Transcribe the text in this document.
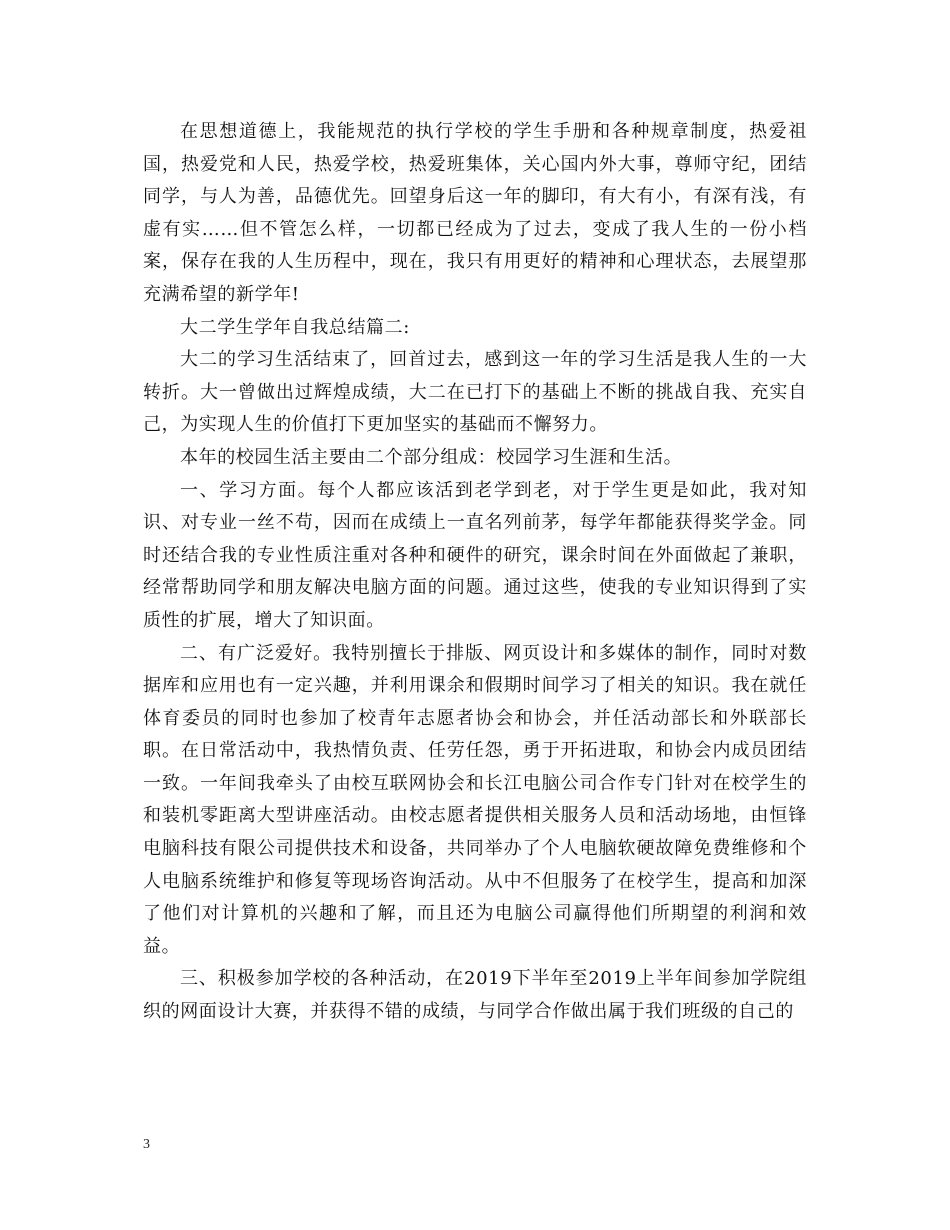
在思想道德上，我能规范的执行学校的学生手册和各种规章制度，热爱祖国，热爱党和人民，热爱学校，热爱班集体，关心国内外大事，尊师守纪，团结同学，与人为善，品德优先。回望身后这一年的脚印，有大有小，有深有浅，有虚有实……但不管怎么样，一切都已经成为了过去，变成了我人生的一份小档案，保存在我的人生历程中，现在，我只有用更好的精神和心理状态，去展望那充满希望的新学年!

大二学生学年自我总结篇二:

大二的学习生活结束了，回首过去，感到这一年的学习生活是我人生的一大转折。大一曾做出过辉煌成绩，大二在已打下的基础上不断的挑战自我、充实自己，为实现人生的价值打下更加坚实的基础而不懈努力。

本年的校园生活主要由二个部分组成：校园学习生涯和生活。

一、学习方面。每个人都应该活到老学到老，对于学生更是如此，我对知识、对专业一丝不苟，因而在成绩上一直名列前茅，每学年都能获得奖学金。同时还结合我的专业性质注重对各种和硬件的研究，课余时间在外面做起了兼职，经常帮助同学和朋友解决电脑方面的问题。通过这些，使我的专业知识得到了实质性的扩展，增大了知识面。

二、有广泛爱好。我特别擅长于排版、网页设计和多媒体的制作，同时对数据库和应用也有一定兴趣，并利用课余和假期时间学习了相关的知识。我在就任体育委员的同时也参加了校青年志愿者协会和协会，并任活动部长和外联部长职。在日常活动中，我热情负责、任劳任怨，勇于开拓进取，和协会内成员团结一致。一年间我牵头了由校互联网协会和长江电脑公司合作专门针对在校学生的和装机零距离大型讲座活动。由校志愿者提供相关服务人员和活动场地，由恒锋电脑科技有限公司提供技术和设备，共同举办了个人电脑软硬故障免费维修和个人电脑系统维护和修复等现场咨询活动。从中不但服务了在校学生，提高和加深了他们对计算机的兴趣和了解，而且还为电脑公司赢得他们所期望的利润和效益。

三、积极参加学校的各种活动，在2019下半年至2019上半年间参加学院组织的网面设计大赛，并获得不错的成绩，与同学合作做出属于我们班级的自己的

3
